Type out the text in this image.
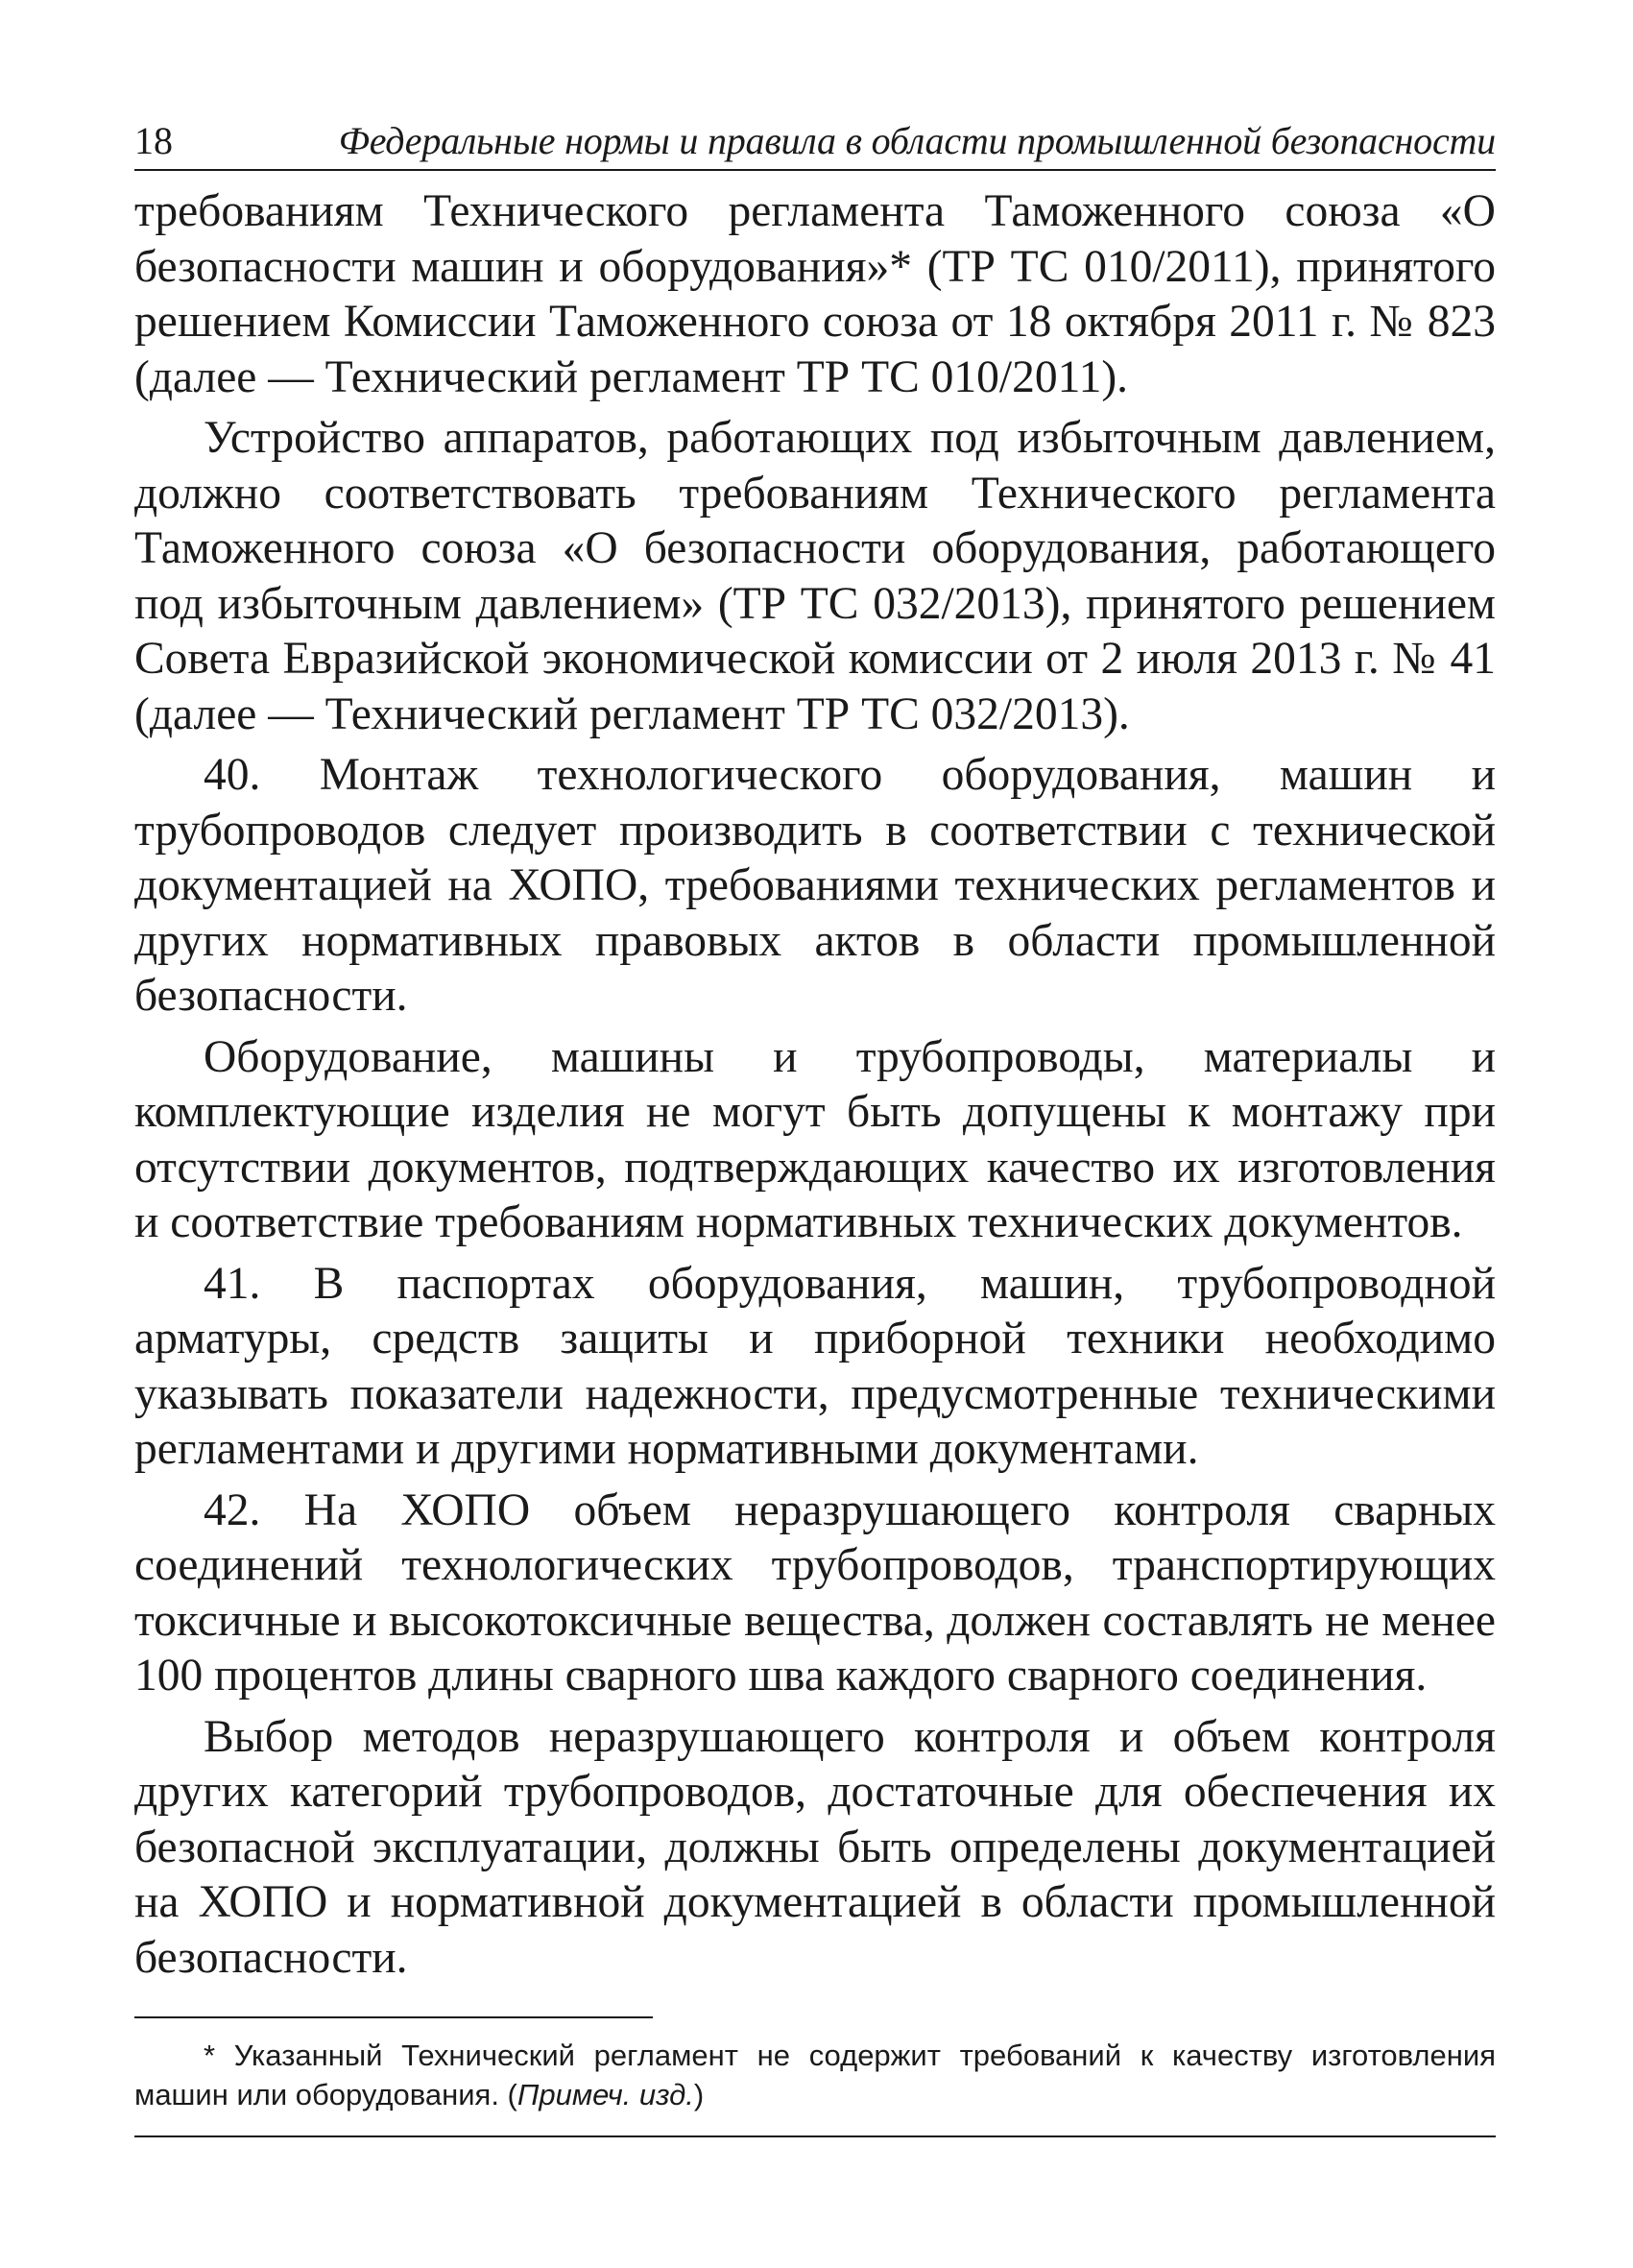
18	Федеральные нормы и правила в области промышленной безопасности

требованиям Технического регламента Таможенного союза «О безопасности машин и оборудования»* (ТР ТС 010/2011), принятого решением Комиссии Таможенного союза от 18 октября 2011 г. № 823 (далее — Технический регламент ТР ТС 010/2011).

Устройство аппаратов, работающих под избыточным давлением, должно соответствовать требованиям Технического регламента Таможенного союза «О безопасности оборудования, работающего под избыточным давлением» (ТР ТС 032/2013), принятого решением Совета Евразийской экономической комиссии от 2 июля 2013 г. № 41 (далее — Технический регламент ТР ТС 032/2013).

40. Монтаж технологического оборудования, машин и трубопроводов следует производить в соответствии с технической документацией на ХОПО, требованиями технических регламентов и других нормативных правовых актов в области промышленной безопасности.

Оборудование, машины и трубопроводы, материалы и комплектующие изделия не могут быть допущены к монтажу при отсутствии документов, подтверждающих качество их изготовления и соответствие требованиям нормативных технических документов.

41. В паспортах оборудования, машин, трубопроводной арматуры, средств защиты и приборной техники необходимо указывать показатели надежности, предусмотренные техническими регламентами и другими нормативными документами.

42. На ХОПО объем неразрушающего контроля сварных соединений технологических трубопроводов, транспортирующих токсичные и высокотоксичные вещества, должен составлять не менее 100 процентов длины сварного шва каждого сварного соединения.

Выбор методов неразрушающего контроля и объем контроля других категорий трубопроводов, достаточные для обеспечения их безопасной эксплуатации, должны быть определены документацией на ХОПО и нормативной документацией в области промышленной безопасности.

* Указанный Технический регламент не содержит требований к качеству изготовления машин или оборудования. (Примеч. изд.)
